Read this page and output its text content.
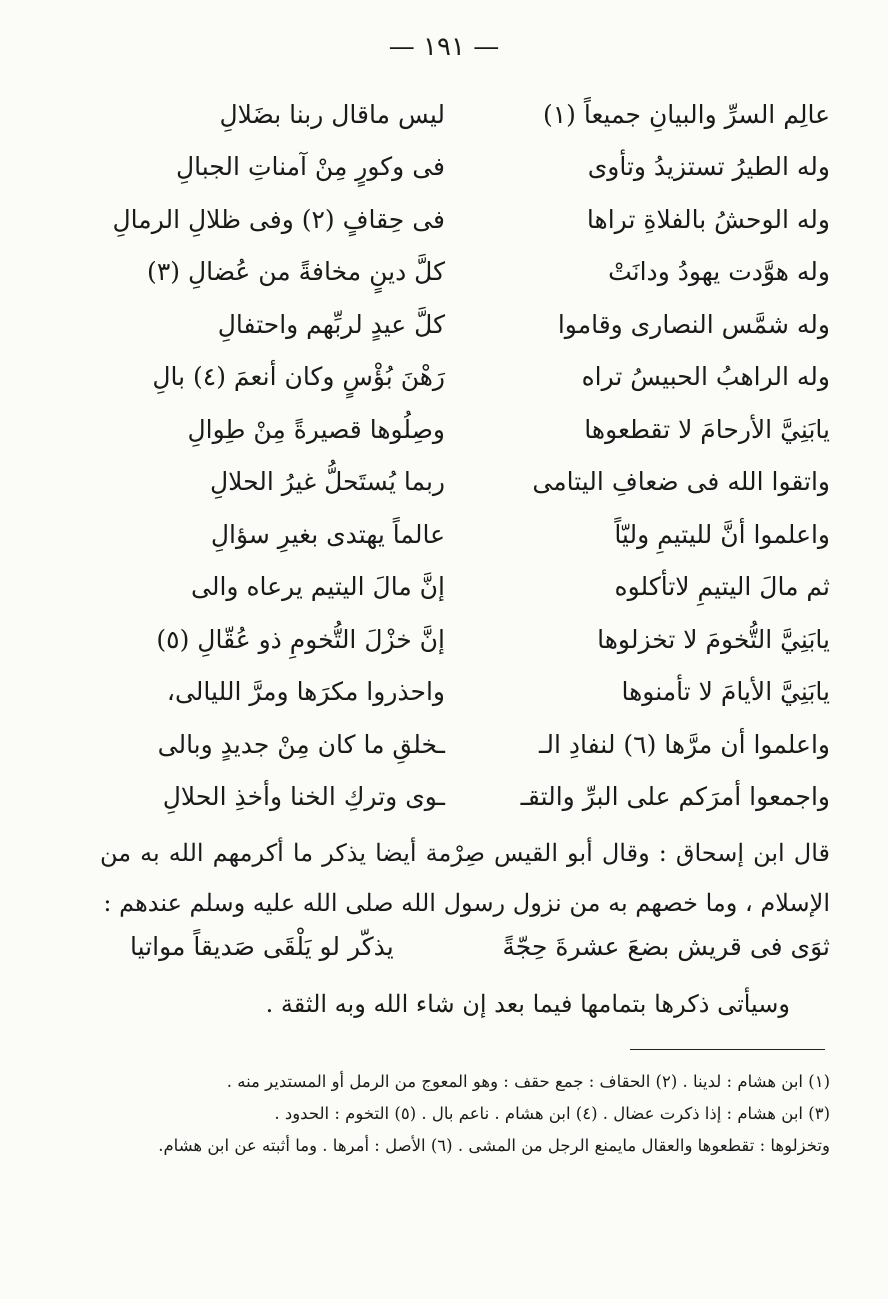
— ١٩١ —
عالِم السرِّ والبيانِ جميعاً (١)
ليس ماقال ربنا بضَلالِ
وله الطيرُ تستزيدُ وتأوى
فى وكورٍ مِنْ آمناتِ الجبالِ
وله الوحشُ بالفلاةِ تراها
فى حِقافٍ (٢) وفى ظلالِ الرمالِ
وله هوَّدت يهودُ ودانَتْ
كلَّ دينٍ مخافةً من عُضالِ (٣)
وله شمَّس النصارى وقاموا
كلَّ عيدٍ لربِّهم واحتفالِ
وله الراهبُ الحبيسُ تراه
رَهْنَ بُؤْسٍ وكان أنعمَ (٤) بالِ
يابَنِيَّ الأرحامَ لا تقطعوها
وصِلُوها قصيرةً مِنْ طِوالِ
واتقوا الله فى ضعافِ اليتامى
ربما يُستَحلُّ غيرُ الحلالِ
واعلموا أنَّ لليتيمِ وليّاً
عالماً يهتدى بغيرِ سؤالِ
ثم مالَ اليتيمِ لاتأكلوه
إنَّ مالَ اليتيم يرعاه والى
يابَنِيَّ التُّخومَ لا تخزلوها
إنَّ خزْلَ التُّخومِ ذو عُقّالِ (٥)
يابَنِيَّ الأيامَ لا تأمنوها
واحذروا مكرَها ومرَّ الليالى،
واعلموا أن مرَّها (٦) لنفادِ الـ
ـخلقِ ما كان مِنْ جديدٍ وبالى
واجمعوا أمرَكم على البرِّ والتقـ
ـوى وتركِ الخنا وأخذِ الحلالِ

قال ابن إسحاق : وقال أبو القيس صِرْمة أيضا يذكر ما أكرمهم الله به من الإسلام ، وما خصهم به من نزول رسول الله صلى الله عليه وسلم عندهم :

ثوَى فى قريش بضعَ عشرةَ حِجّةً
يذكّر لو يَلْقَى صَديقاً مواتيا
وسيأتى ذكرها بتمامها فيما بعد إن شاء الله وبه الثقة .
(١) ابن هشام : لدينا . (٢) الحقاف : جمع حقف : وهو المعوج من الرمل أو المستدير منه .
(٣) ابن هشام : إذا ذكرت عضال . (٤) ابن هشام . ناعم بال . (٥) التخوم : الحدود .
وتخزلوها : تقطعوها والعقال مايمنع الرجل من المشى . (٦) الأصل : أمرها . وما أثبته عن ابن هشام.
